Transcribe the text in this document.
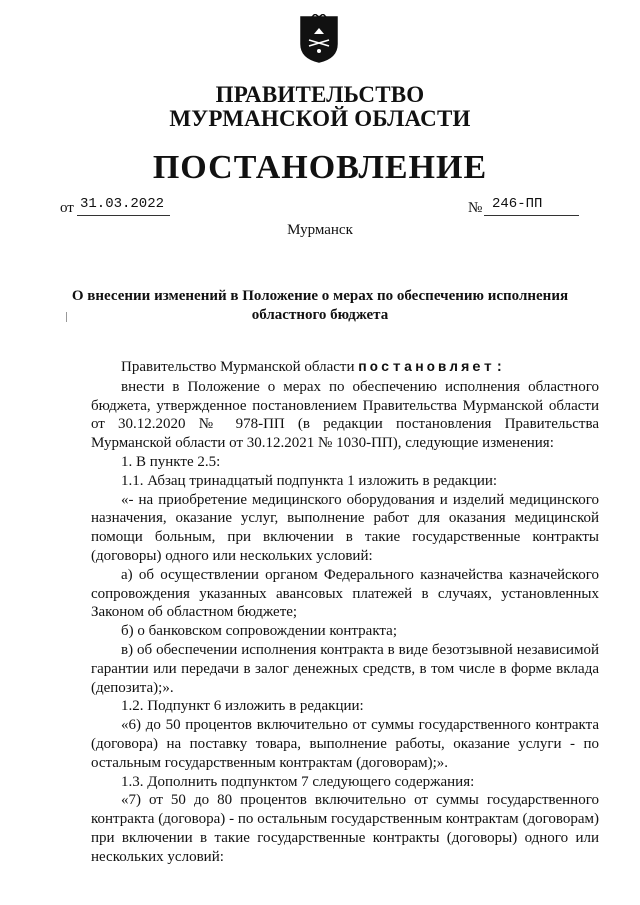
ПРАВИТЕЛЬСТВО
МУРМАНСКОЙ ОБЛАСТИ
ПОСТАНОВЛЕНИЕ
от 31.03.2022	№ 246-ПП
Мурманск
О внесении изменений в Положение о мерах по обеспечению исполнения
областного бюджета

Правительство Мурманской области постановляет:

внести в Положение о мерах по обеспечению исполнения областного бюджета, утвержденное постановлением Правительства Мурманской области от 30.12.2020 № 978-ПП (в редакции постановления Правительства Мурманской области от 30.12.2021 № 1030-ПП), следующие изменения:

1. В пункте 2.5:

1.1. Абзац тринадцатый подпункта 1 изложить в редакции:

«- на приобретение медицинского оборудования и изделий медицинского назначения, оказание услуг, выполнение работ для оказания медицинской помощи больным, при включении в такие государственные контракты (договоры) одного или нескольких условий:

а) об осуществлении органом Федерального казначейства казначейского сопровождения указанных авансовых платежей в случаях, установленных Законом об областном бюджете;

б) о банковском сопровождении контракта;

в) об обеспечении исполнения контракта в виде безотзывной независимой гарантии или передачи в залог денежных средств, в том числе в форме вклада (депозита);».

1.2. Подпункт 6 изложить в редакции:

«6) до 50 процентов включительно от суммы государственного контракта (договора) на поставку товара, выполнение работы, оказание услуги - по остальным государственным контрактам (договорам);».

1.3. Дополнить подпунктом 7 следующего содержания:

«7) от 50 до 80 процентов включительно от суммы государственного контракта (договора) - по остальным государственным контрактам (договорам) при включении в такие государственные контракты (договоры) одного или нескольких условий:
